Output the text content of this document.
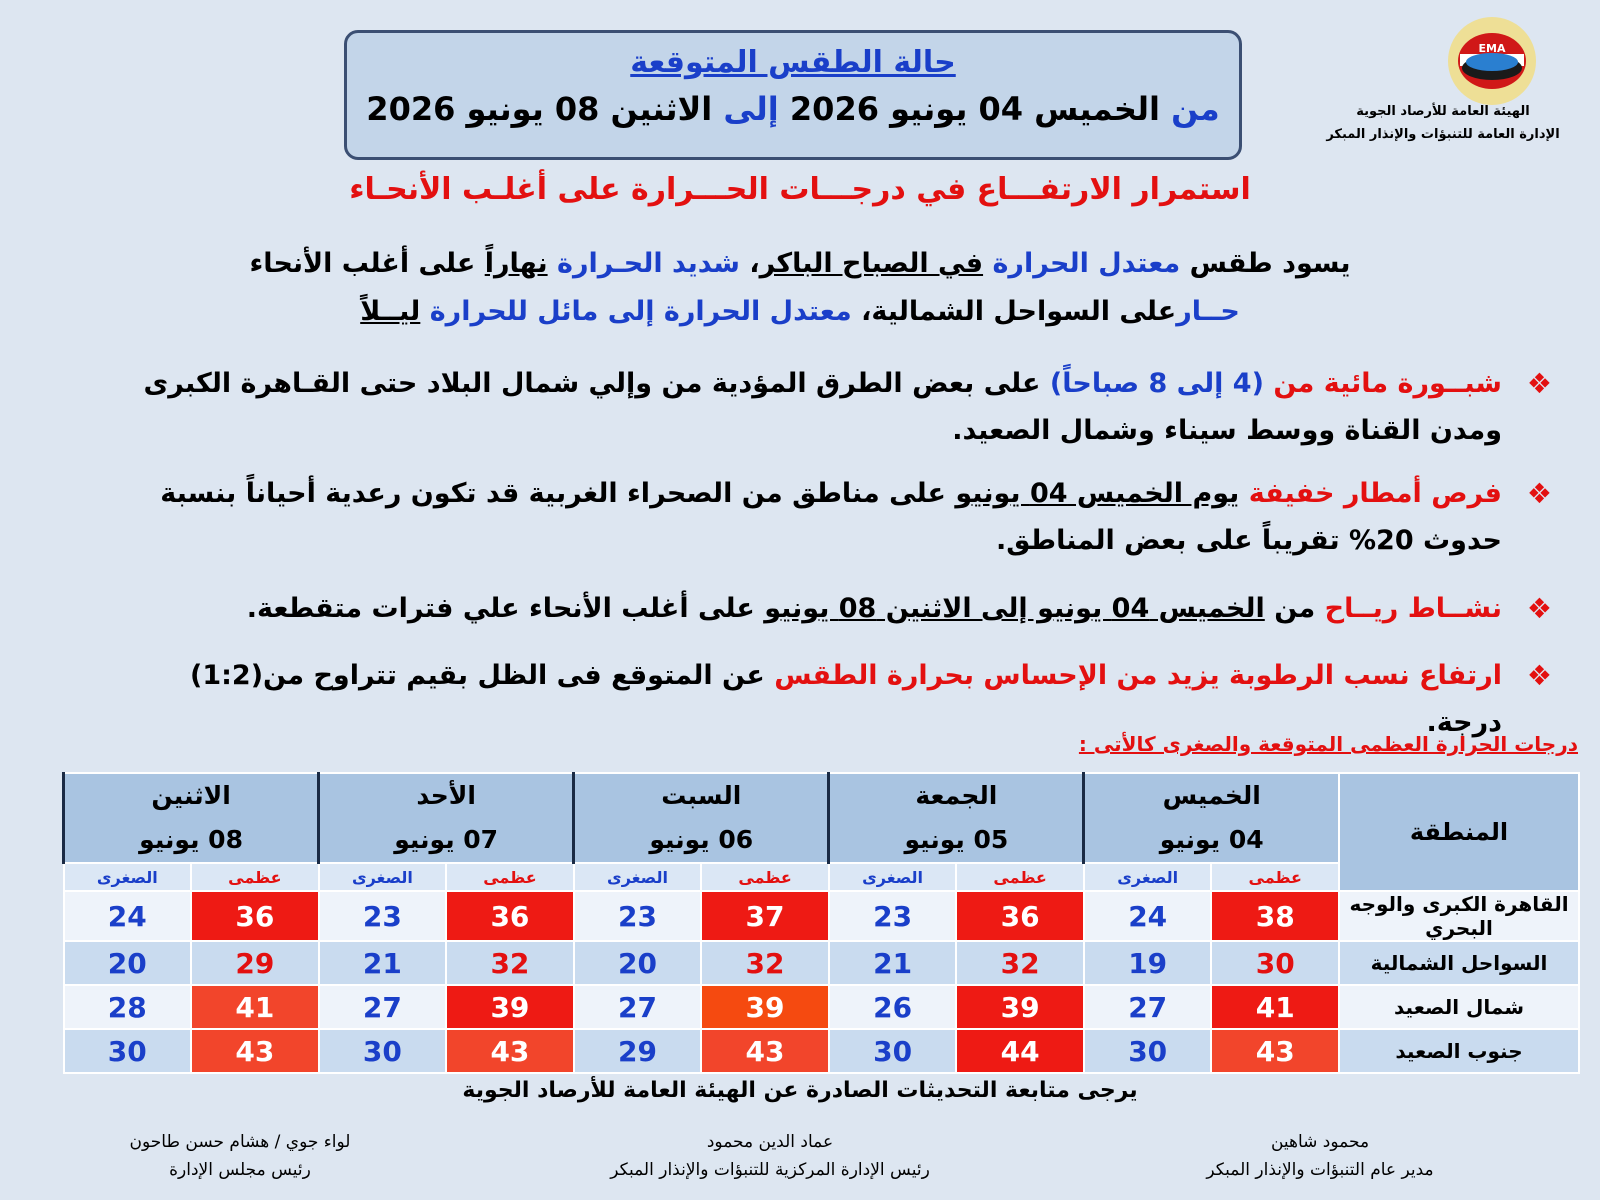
EMA
الهيئة العامة للأرصاد الجوية
الإدارة العامة للتنبؤات والإنذار المبكر
حالة الطقس المتوقعة
من الخميس 04 يونيو 2026 إلى الاثنين 08 يونيو 2026
استمرار الارتفـــاع في درجـــات الحـــرارة على أغلـب الأنحـاء
يسود طقس معتدل الحرارة في الصباح الباكر، شديد الحـرارة نهاراً على أغلب الأنحاء
حــارعلى السواحل الشمالية، معتدل الحرارة إلى مائل للحرارة ليــلاً
❖
شبــورة مائية من (4 إلى 8 صباحاً) على بعض الطرق المؤدية من وإلي شمال البلاد حتى القـاهرة الكبرى ومدن القناة ووسط سيناء وشمال الصعيد.
❖
فرص أمطار خفيفة يوم الخميس 04 يونيو على مناطق من الصحراء الغربية قد تكون رعدية أحياناً بنسبة حدوث 20% تقريباً على بعض المناطق.
❖
نشــاط ريــاح من الخميس 04 يونيو إلى الاثنين 08 يونيو على أغلب الأنحاء علي فترات متقطعة.
❖
ارتفاع نسب الرطوبة يزيد من الإحساس بحرارة الطقس عن المتوقع فى الظل بقيم تتراوح من(1:2) درجة.
درجات الحرارة العظمى المتوقعة والصغرى كالأتى :
المنطقة	الخميس
04 يونيو		الجمعة
05 يونيو		السبت
06 يونيو		الأحد
07 يونيو		الاثنين
08 يونيو	
	عظمى	الصغرى	عظمى	الصغرى	عظمى	الصغرى	عظمى	الصغرى	عظمى	الصغرى
القاهرة الكبرى والوجه البحري	38	24	36	23	37	23	36	23	36	24
السواحل الشمالية	30	19	32	21	32	20	32	21	29	20
شمال الصعيد	41	27	39	26	39	27	39	27	41	28
جنوب الصعيد	43	30	44	30	43	29	43	30	43	30
يرجى متابعة التحديثات الصادرة عن الهيئة العامة للأرصاد الجوية
محمود شاهين
مدير عام التنبؤات والإنذار المبكر
عماد الدين محمود
رئيس الإدارة المركزية للتنبؤات والإنذار المبكر
لواء جوي / هشام حسن طاحون
رئيس مجلس الإدارة
